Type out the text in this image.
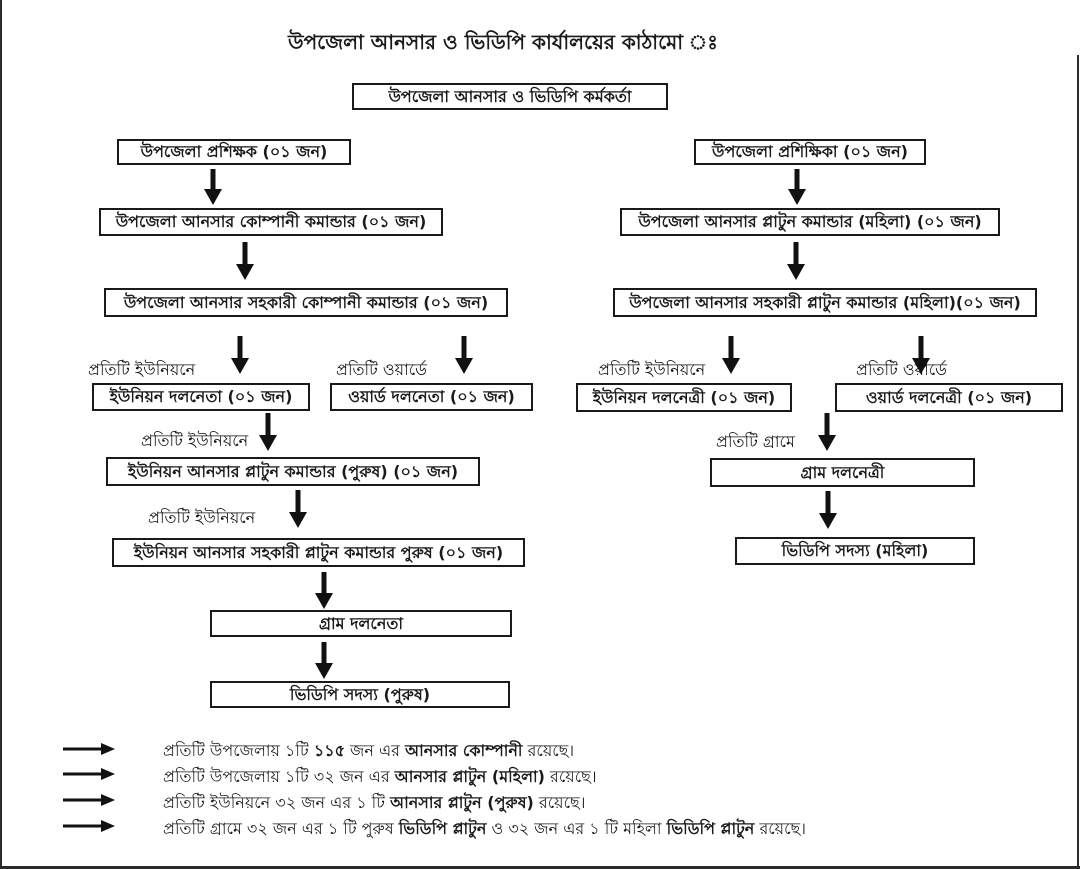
উপজেলা আনসার ও ভিডিপি কার্যালয়ের কাঠামো ঃ
উপজেলা আনসার ও ভিডিপি কর্মকর্তা
উপজেলা প্রশিক্ষক (০১ জন)
উপজেলা আনসার কোম্পানী কমান্ডার (০১ জন)
উপজেলা আনসার সহকারী কোম্পানী কমান্ডার (০১ জন)
প্রতিটি ইউনিয়নে	প্রতিটি ওয়ার্ডে
ইউনিয়ন দলনেতা (০১ জন)	ওয়ার্ড দলনেতা (০১ জন)
প্রতিটি ইউনিয়নে
ইউনিয়ন আনসার প্লাটুন কমান্ডার (পুরুষ) (০১ জন)
প্রতিটি ইউনিয়নে
ইউনিয়ন আনসার সহকারী প্লাটুন কমান্ডার পুরুষ (০১ জন)
গ্রাম দলনেতা
ভিডিপি সদস্য (পুরুষ)
উপজেলা প্রশিক্ষিকা (০১ জন)
উপজেলা আনসার প্লাটুন কমান্ডার (মহিলা) (০১ জন)
উপজেলা আনসার সহকারী প্লাটুন কমান্ডার (মহিলা)(০১ জন)
প্রতিটি ইউনিয়নে	প্রতিটি ওয়ার্ডে
ইউনিয়ন দলনেত্রী (০১ জন)	ওয়ার্ড দলনেত্রী (০১ জন)
প্রতিটি গ্রামে
গ্রাম দলনেত্রী
ভিডিপি সদস্য (মহিলা)
প্রতিটি উপজেলায় ১টি ১১৫ জন এর আনসার কোম্পানী রয়েছে।
প্রতিটি উপজেলায় ১টি ৩২ জন এর আনসার প্লাটুন (মহিলা) রয়েছে।
প্রতিটি ইউনিয়নে ৩২ জন এর ১ টি আনসার প্লাটুন (পুরুষ) রয়েছে।
প্রতিটি গ্রামে ৩২ জন এর ১ টি পুরুষ ভিডিপি প্লাটুন ও ৩২ জন এর ১ টি মহিলা ভিডিপি প্লাটুন রয়েছে।
